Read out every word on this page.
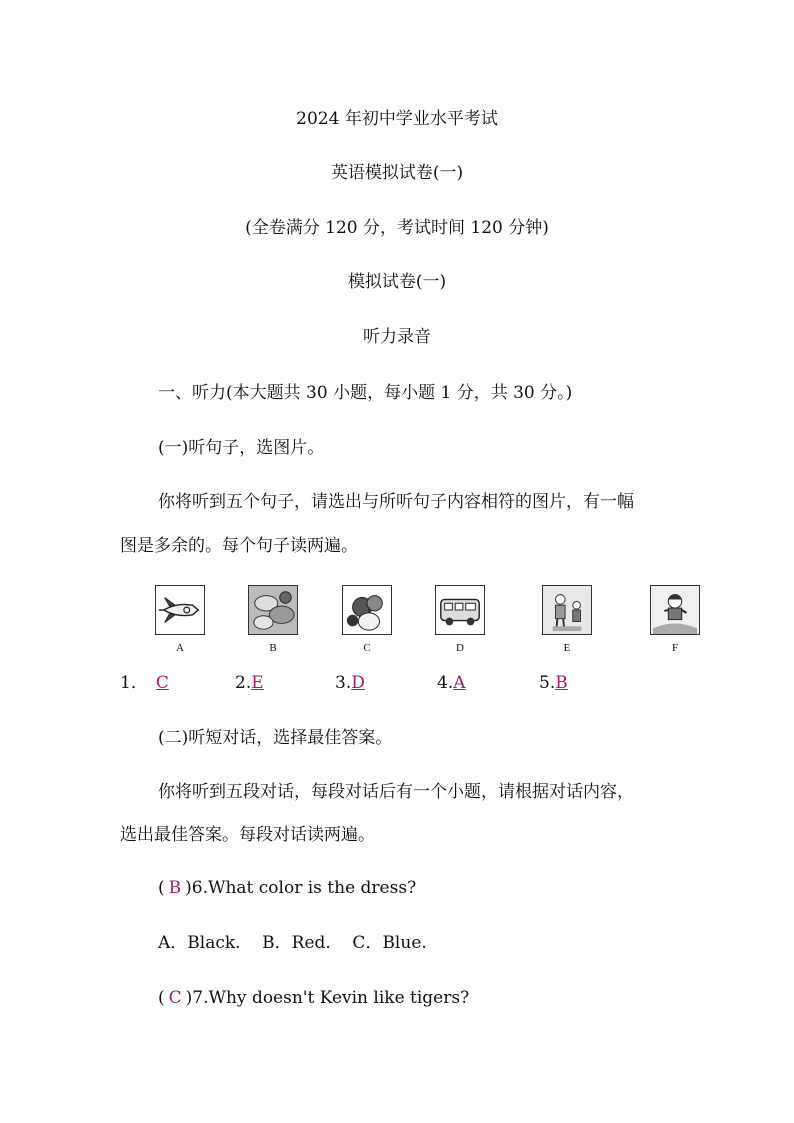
2024 年初中学业水平考试
英语模拟试卷(一)
(全卷满分 120 分，考试时间 120 分钟)
模拟试卷(一)
听力录音
一、听力(本大题共 30 小题，每小题 1 分，共 30 分。)
(一)听句子，选图片。
你将听到五个句子，请选出与所听句子内容相符的图片，有一幅
图是多余的。每个句子读两遍。
A	B	C	D	E	F
1． C	2.E	3.D	4.A	5.B
(二)听短对话，选择最佳答案。
你将听到五段对话，每段对话后有一个小题，请根据对话内容，
选出最佳答案。每段对话读两遍。
( B )6.What color is the dress?
A．Black.    B．Red.    C．Blue.
( C )7.Why doesn't Kevin like tigers?
